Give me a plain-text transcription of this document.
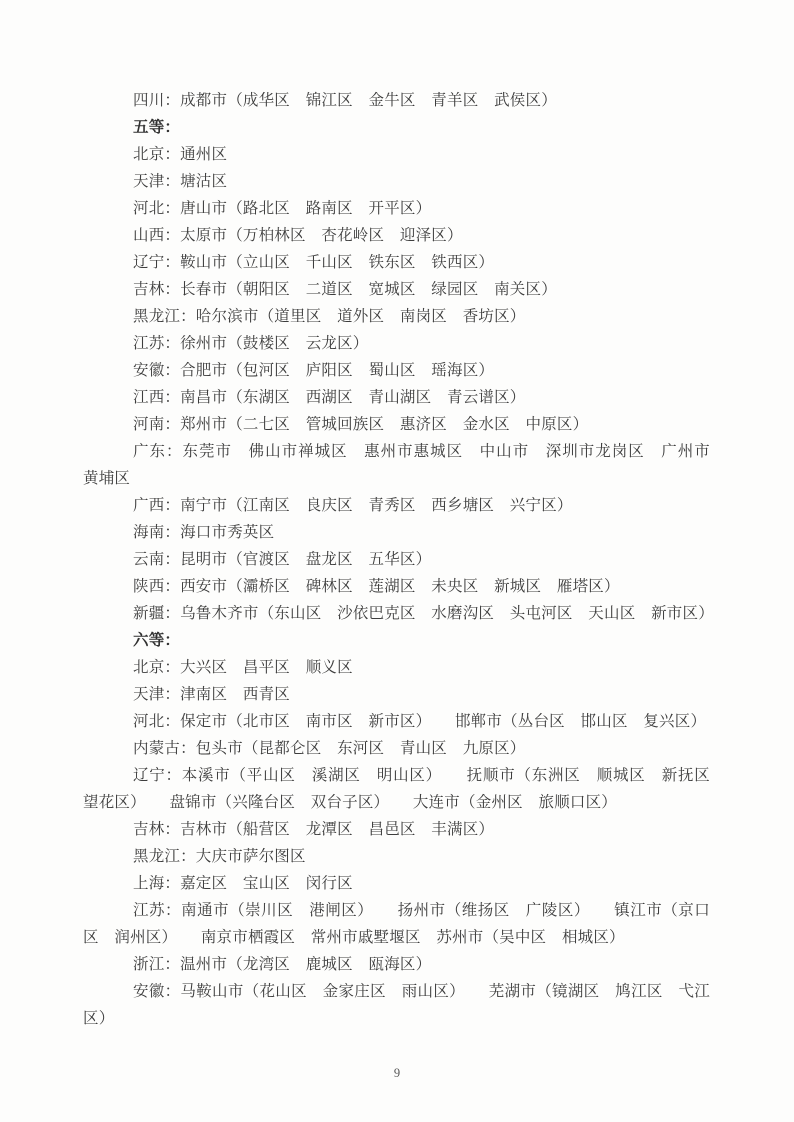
四川：成都市（成华区　锦江区　金牛区　青羊区　武侯区）

五等：

北京：通州区

天津：塘沽区

河北：唐山市（路北区　路南区　开平区）

山西：太原市（万柏林区　杏花岭区　迎泽区）

辽宁：鞍山市（立山区　千山区　铁东区　铁西区）

吉林：长春市（朝阳区　二道区　宽城区　绿园区　南关区）

黑龙江：哈尔滨市（道里区　道外区　南岗区　香坊区）

江苏：徐州市（鼓楼区　云龙区）

安徽：合肥市（包河区　庐阳区　蜀山区　瑶海区）

江西：南昌市（东湖区　西湖区　青山湖区　青云谱区）

河南：郑州市（二七区　管城回族区　惠济区　金水区　中原区）

广东：东莞市　佛山市禅城区　惠州市惠城区　中山市　深圳市龙岗区　广州市　黄埔区

广西：南宁市（江南区　良庆区　青秀区　西乡塘区　兴宁区）

海南：海口市秀英区

云南：昆明市（官渡区　盘龙区　五华区）

陕西：西安市（灞桥区　碑林区　莲湖区　未央区　新城区　雁塔区）

新疆：乌鲁木齐市（东山区　沙依巴克区　水磨沟区　头屯河区　天山区　新市区）

六等：

北京：大兴区　昌平区　顺义区

天津：津南区　西青区

河北：保定市（北市区　南市区　新市区）　　邯郸市（丛台区　邯山区　复兴区）

内蒙古：包头市（昆都仑区　东河区　青山区　九原区）

辽宁：本溪市（平山区　溪湖区　明山区）　　抚顺市（东洲区　顺城区　新抚区　望花区）　　盘锦市（兴隆台区　双台子区）　　大连市（金州区　旅顺口区）

吉林：吉林市（船营区　龙潭区　昌邑区　丰满区）

黑龙江：大庆市萨尔图区

上海：嘉定区　宝山区　闵行区

江苏：南通市（崇川区　港闸区）　　扬州市（维扬区　广陵区）　　镇江市（京口区　润州区）　　南京市栖霞区　常州市戚墅堰区　苏州市（吴中区　相城区）

浙江：温州市（龙湾区　鹿城区　瓯海区）

安徽：马鞍山市（花山区　金家庄区　雨山区）　　芜湖市（镜湖区　鸠江区　弋江区）

9
